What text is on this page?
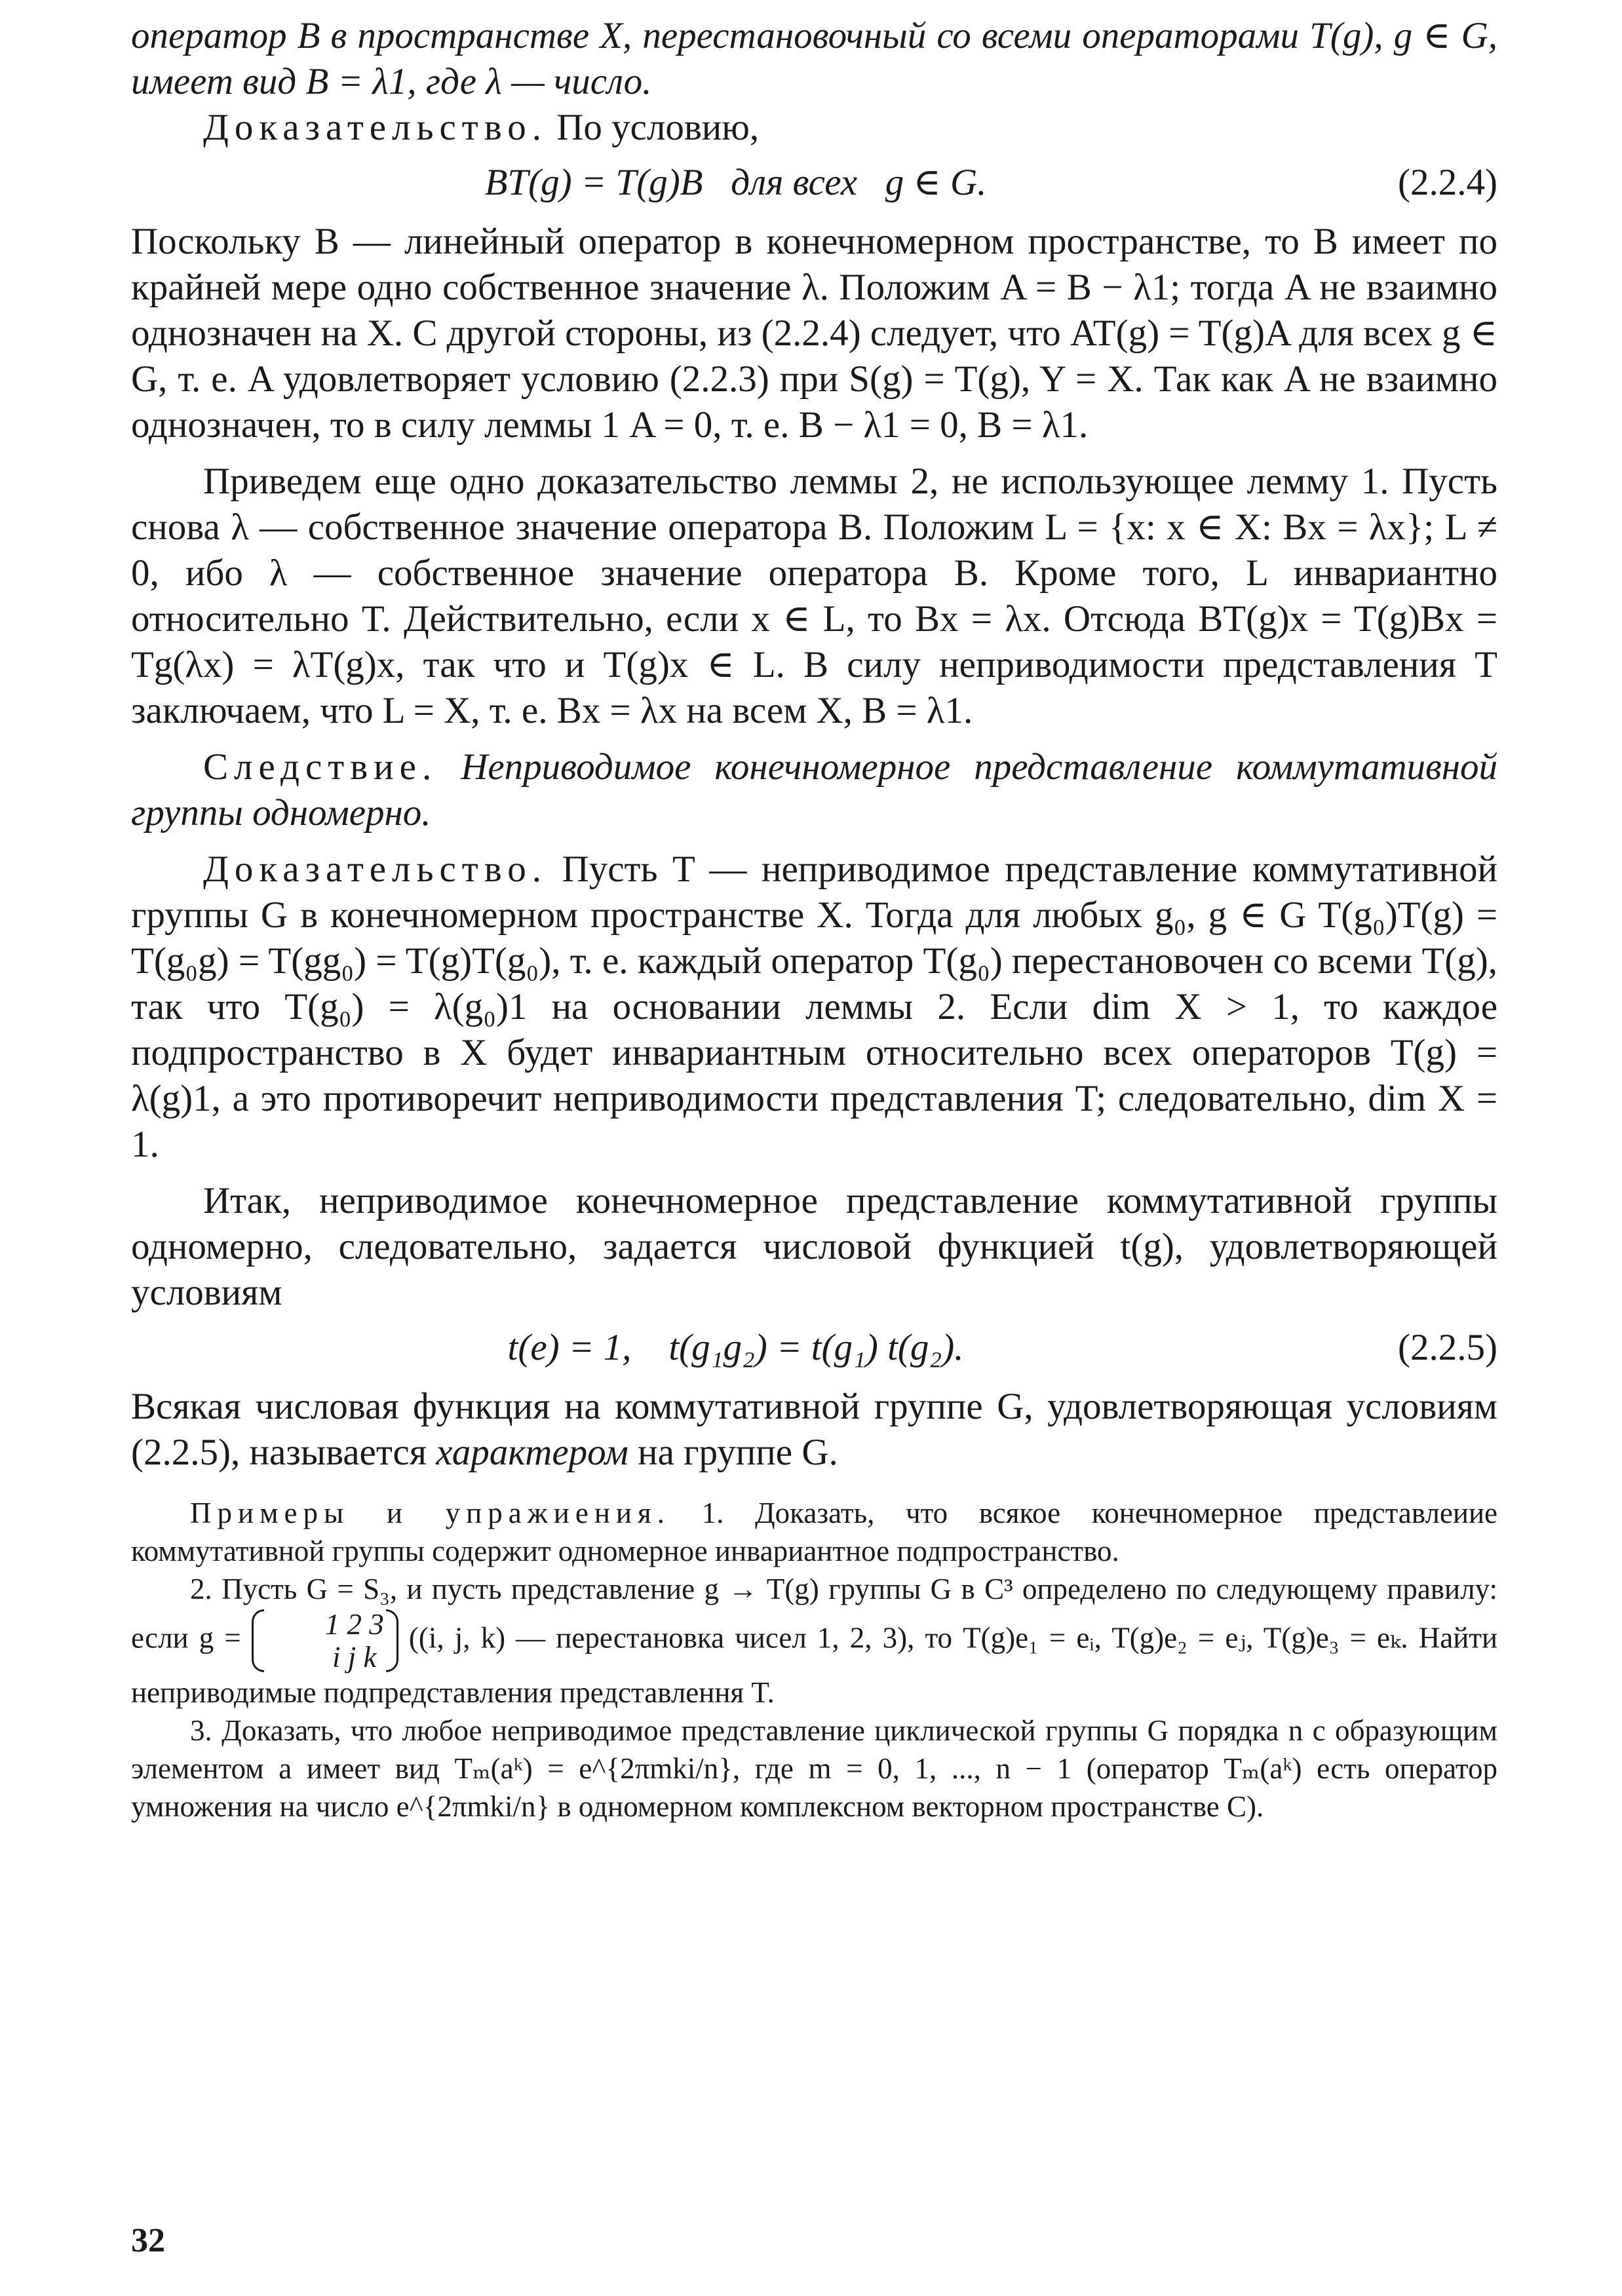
оператор B в пространстве X, перестановочный со всеми операторами T(g), g ∈ G, имеет вид B = λ1, где λ — число.

Доказательство. По условию,

BT(g) = T(g)B   для всех   g ∈ G.	(2.2.4)

Поскольку B — линейный оператор в конечномерном пространстве, то B имеет по крайней мере одно собственное значение λ. Положим A = B − λ1; тогда A не взаимно однозначен на X. С другой стороны, из (2.2.4) следует, что AT(g) = T(g)A для всех g ∈ G, т. е. A удовлетворяет условию (2.2.3) при S(g) = T(g), Y = X. Так как A не взаимно однозначен, то в силу леммы 1 A = 0, т. е. B − λ1 = 0, B = λ1.

Приведем еще одно доказательство леммы 2, не использующее лемму 1. Пусть снова λ — собственное значение оператора B. Положим L = {x: x ∈ X: Bx = λx}; L ≠ 0, ибо λ — собственное значение оператора B. Кроме того, L инвариантно относительно T. Действительно, если x ∈ L, то Bx = λx. Отсюда BT(g)x = T(g)Bx = Tg(λx) = λT(g)x, так что и T(g)x ∈ L. В силу неприводимости представления T заключаем, что L = X, т. е. Bx = λx на всем X, B = λ1.

Следствие. Неприводимое конечномерное представление коммутативной группы одномерно.

Доказательство. Пусть T — неприводимое представление коммутативной группы G в конечномерном пространстве X. Тогда для любых g₀, g ∈ G T(g₀)T(g) = T(g₀g) = T(gg₀) = T(g)T(g₀), т. е. каждый оператор T(g₀) перестановочен со всеми T(g), так что T(g₀) = λ(g₀)1 на основании леммы 2. Если dim X > 1, то каждое подпространство в X будет инвариантным относительно всех операторов T(g) = λ(g)1, а это противоречит неприводимости представления T; следовательно, dim X = 1.

Итак, неприводимое конечномерное представление коммутативной группы одномерно, следовательно, задается числовой функцией t(g), удовлетворяющей условиям

t(e) = 1,    t(g₁g₂) = t(g₁) t(g₂).	(2.2.5)

Всякая числовая функция на коммутативной группе G, удовлетворяющая условиям (2.2.5), называется характером на группе G.

Примеры и упражиения. 1. Доказать, что всякое конечномерное представлеиие коммутативной группы содержит одномерное инвариантное подпространство.

2. Пусть G = S₃, и пусть представление g → T(g) группы G в C³ определено по следующему правилу: если g =	1 2 3
i j k
((i, j, k) — перестановка чисел 1, 2, 3), то T(g)e₁ = eᵢ, T(g)e₂ = eⱼ, T(g)e₃ = eₖ. Найти неприводимые подпредставления представлення T.

3. Доказать, что любое неприводимое представление циклической группы G порядка n с образующим элементом a имеет вид Tₘ(aᵏ) = e^{2πmki/n}, где m = 0, 1, ..., n − 1 (оператор Tₘ(aᵏ) есть оператор умножения на число e^{2πmki/n} в одномерном комплексном векторном пространстве C).

32
